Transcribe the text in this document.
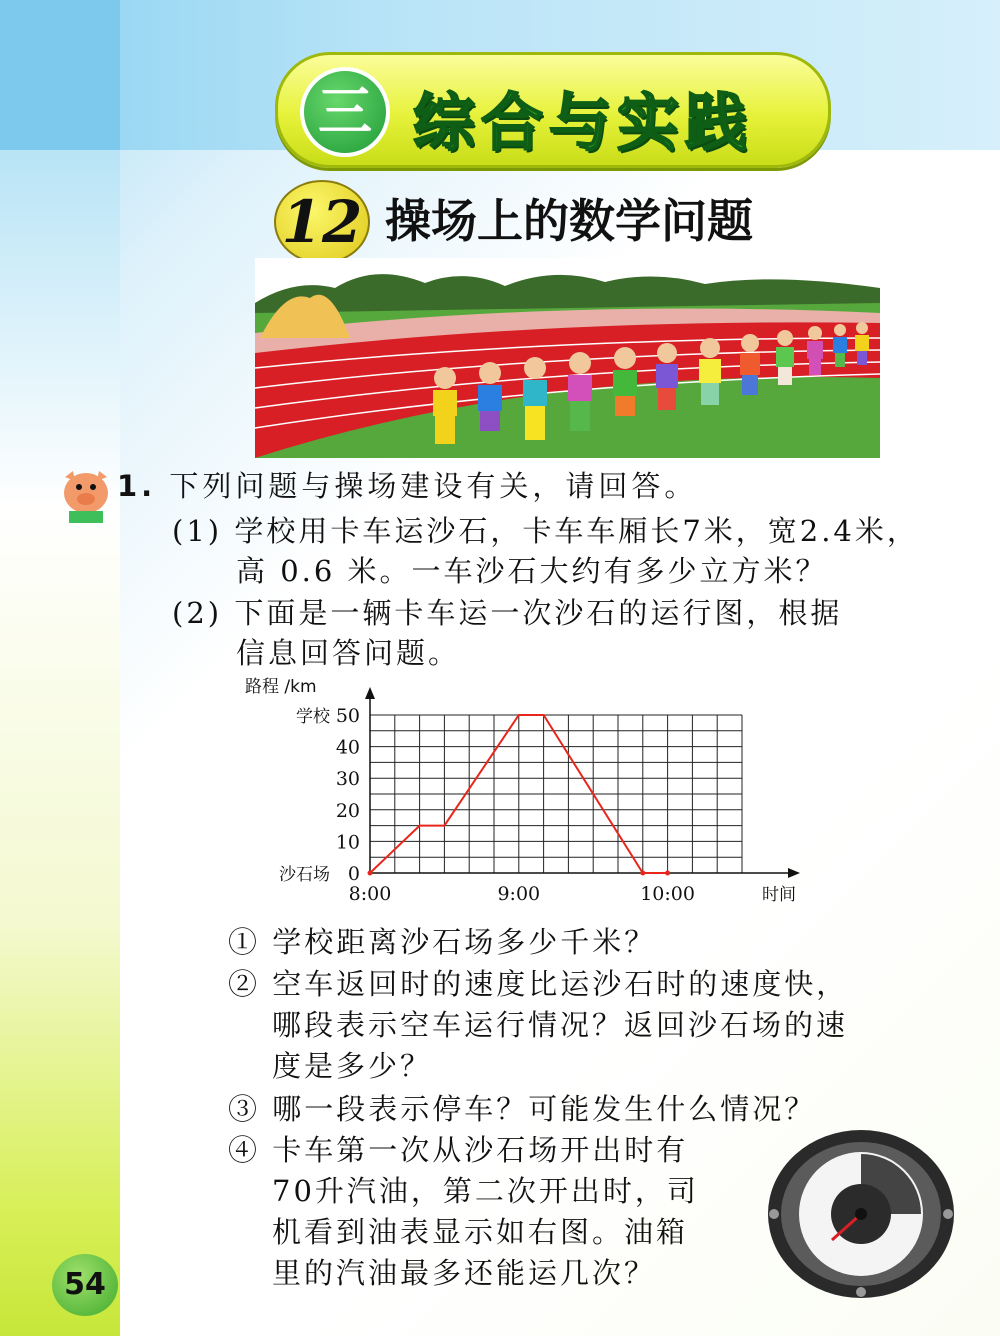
三 综合与实践
12 操场上的数学问题
1. 下列问题与操场建设有关，请回答。
(1) 学校用卡车运沙石，卡车车厢长7米，宽2.4米，
高 0.6 米。一车沙石大约有多少立方米？
(2) 下面是一辆卡车运一次沙石的运行图，根据
信息回答问题。
0
10
20
30
40
50
8:00	9:00	10:00
学校
沙石场
路程 /km
时间
① 学校距离沙石场多少千米？
② 空车返回时的速度比运沙石时的速度快，
哪段表示空车运行情况？返回沙石场的速
度是多少？
③ 哪一段表示停车？可能发生什么情况？
④ 卡车第一次从沙石场开出时有
70升汽油，第二次开出时，司
机看到油表显示如右图。油箱
里的汽油最多还能运几次？
54
